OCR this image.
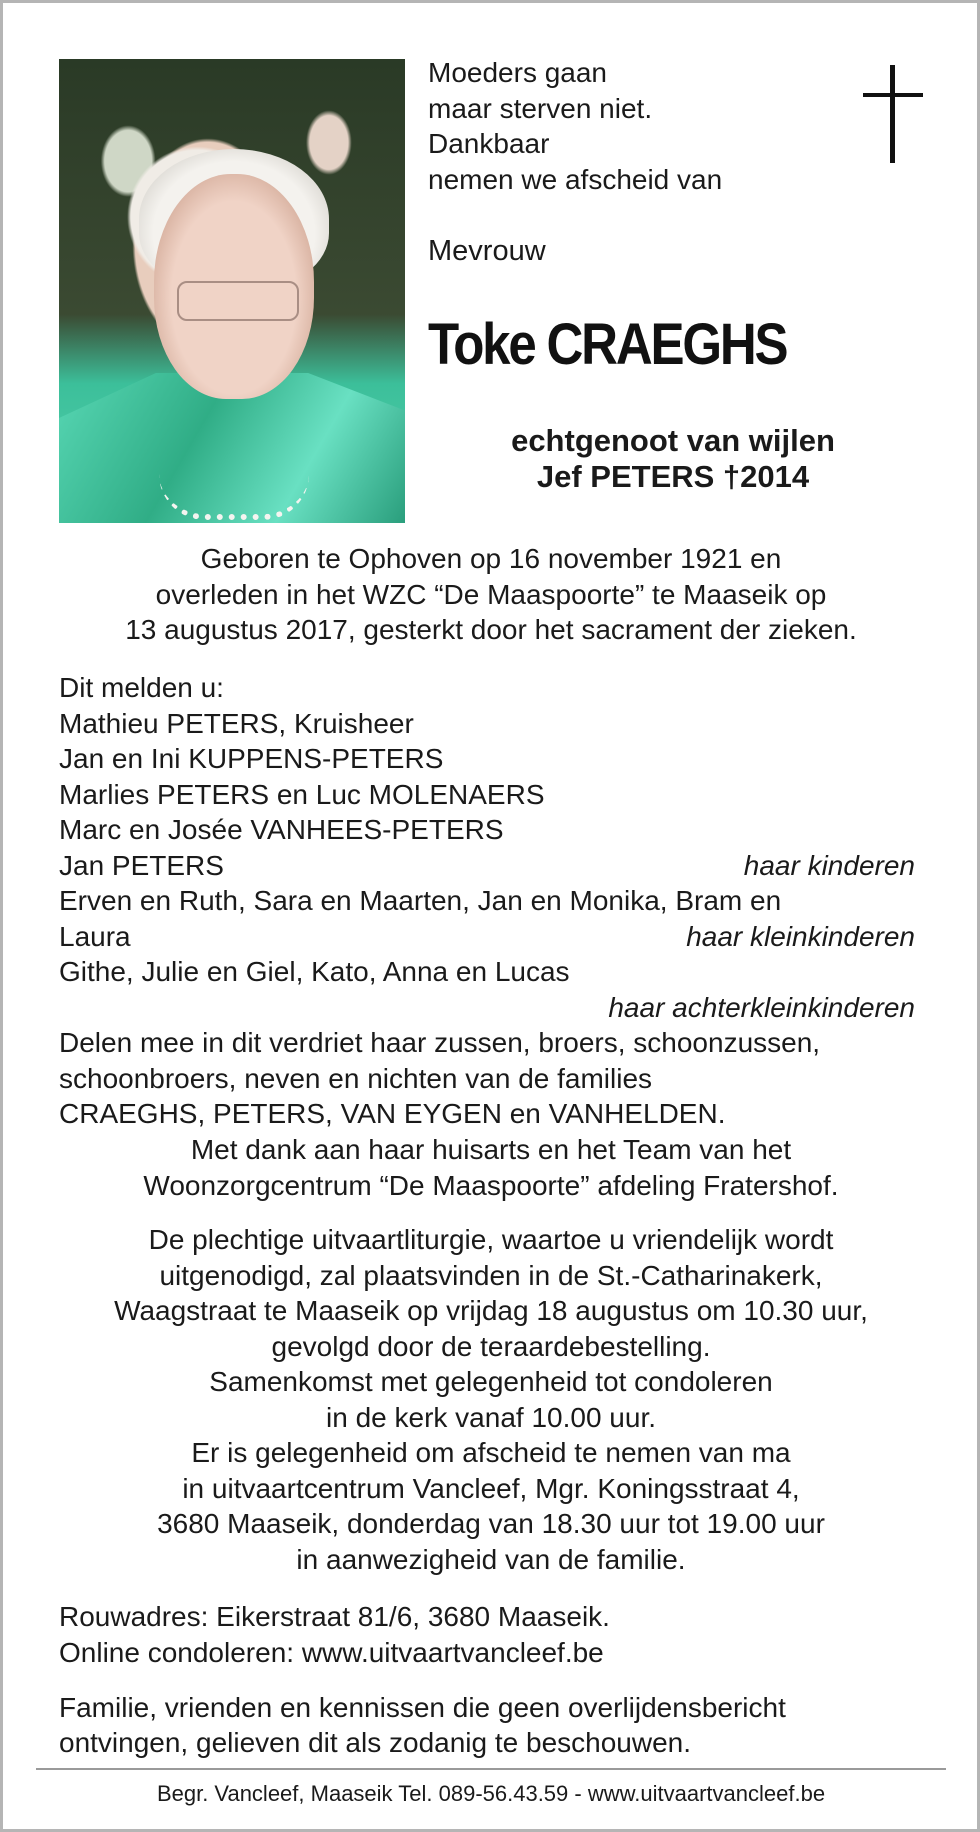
Moeders gaan
maar sterven niet.
Dankbaar
nemen we afscheid van
Mevrouw
Toke CRAEGHS
echtgenoot van wijlen
Jef PETERS †2014
Geboren te Ophoven op 16 november 1921 en
overleden in het WZC “De Maaspoorte” te Maaseik op
13 augustus 2017, gesterkt door het sacrament der zieken.
Dit melden u:
Mathieu PETERS, Kruisheer
Jan en Ini KUPPENS-PETERS
Marlies PETERS en Luc MOLENAERS
Marc en Josée VANHEES-PETERS
Jan PETERS	haar kinderen
Erven en Ruth, Sara en Maarten, Jan en Monika, Bram en
Laura	haar kleinkinderen
Githe, Julie en Giel, Kato, Anna en Lucas
haar achterkleinkinderen
Delen mee in dit verdriet haar zussen, broers, schoonzussen,
schoonbroers, neven en nichten van de families
CRAEGHS, PETERS, VAN EYGEN en VANHELDEN.
Met dank aan haar huisarts en het Team van het
Woonzorgcentrum “De Maaspoorte” afdeling Fratershof.
De plechtige uitvaartliturgie, waartoe u vriendelijk wordt
uitgenodigd, zal plaatsvinden in de St.-Catharinakerk,
Waagstraat te Maaseik op vrijdag 18 augustus om 10.30 uur,
gevolgd door de teraardebestelling.
Samenkomst met gelegenheid tot condoleren
in de kerk vanaf 10.00 uur.
Er is gelegenheid om afscheid te nemen van ma
in uitvaartcentrum Vancleef, Mgr. Koningsstraat 4,
3680 Maaseik, donderdag van 18.30 uur tot 19.00 uur
in aanwezigheid van de familie.
Rouwadres: Eikerstraat 81/6, 3680 Maaseik.
Online condoleren: www.uitvaartvancleef.be
Familie, vrienden en kennissen die geen overlijdensbericht
ontvingen, gelieven dit als zodanig te beschouwen.
Begr. Vancleef, Maaseik Tel. 089-56.43.59 - www.uitvaartvancleef.be
